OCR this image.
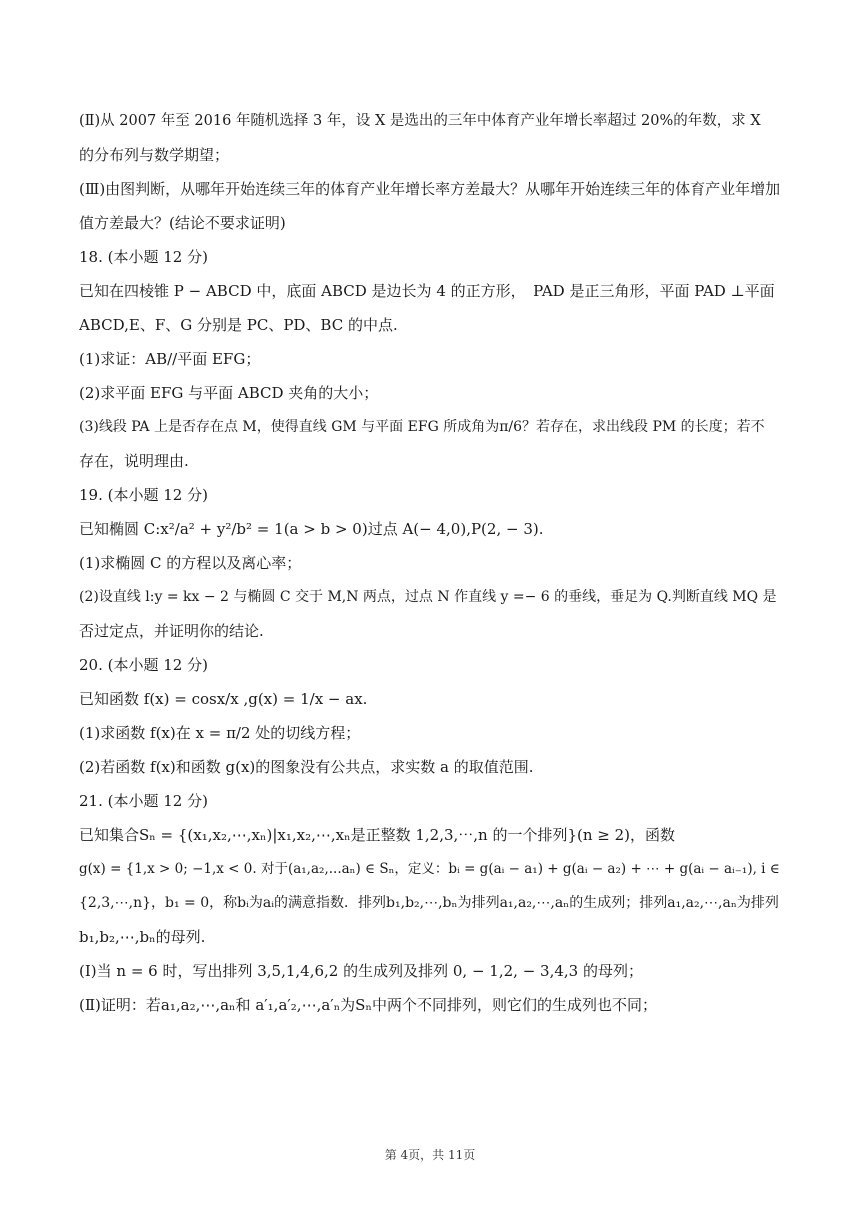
(Ⅱ)从 2007 年至 2016 年随机选择 3 年，设 X 是选出的三年中体育产业年增长率超过 20%的年数，求 X
的分布列与数学期望；
(Ⅲ)由图判断，从哪年开始连续三年的体育产业年增长率方差最大？从哪年开始连续三年的体育产业年增加
值方差最大？(结论不要求证明)
18. (本小题 12 分)
已知在四棱锥 P − ABCD 中，底面 ABCD 是边长为 4 的正方形，　PAD 是正三角形，平面 PAD ⊥平面
ABCD,E、F、G 分别是 PC、PD、BC 的中点.
(1)求证：AB//平面 EFG；
(2)求平面 EFG 与平面 ABCD 夹角的大小；
(3)线段 PA 上是否存在点 M，使得直线 GM 与平面 EFG 所成角为π/6？若存在，求出线段 PM 的长度；若不
存在，说明理由.
19. (本小题 12 分)
已知椭圆 C:x²/a² + y²/b² = 1(a > b > 0)过点 A(− 4,0),P(2, − 3).
(1)求椭圆 C 的方程以及离心率；
(2)设直线 l:y = kx − 2 与椭圆 C 交于 M,N 两点，过点 N 作直线 y =− 6 的垂线，垂足为 Q.判断直线 MQ 是
否过定点，并证明你的结论.
20. (本小题 12 分)
已知函数 f(x) = cosx/x ,g(x) = 1/x − ax.
(1)求函数 f(x)在 x = π/2 处的切线方程；
(2)若函数 f(x)和函数 g(x)的图象没有公共点，求实数 a 的取值范围.
21. (本小题 12 分)
已知集合Sₙ = {(x₁,x₂,⋯,xₙ)|x₁,x₂,⋯,xₙ是正整数 1,2,3,⋯,n 的一个排列}(n ≥ 2)，函数
g(x) = {1,x > 0; −1,x < 0. 对于(a₁,a₂,...aₙ) ∈ Sₙ，定义：bᵢ = g(aᵢ − a₁) + g(aᵢ − a₂) + ⋯ + g(aᵢ − aᵢ₋₁), i ∈
{2,3,⋯,n}，b₁ = 0，称bᵢ为aᵢ的满意指数．排列b₁,b₂,⋯,bₙ为排列a₁,a₂,⋯,aₙ的生成列；排列a₁,a₂,⋯,aₙ为排列
b₁,b₂,⋯,bₙ的母列.
(Ⅰ)当 n = 6 时，写出排列 3,5,1,4,6,2 的生成列及排列 0, − 1,2, − 3,4,3 的母列；
(Ⅱ)证明：若a₁,a₂,⋯,aₙ和 a′₁,a′₂,⋯,a′ₙ为Sₙ中两个不同排列，则它们的生成列也不同；
第 4页，共 11页
